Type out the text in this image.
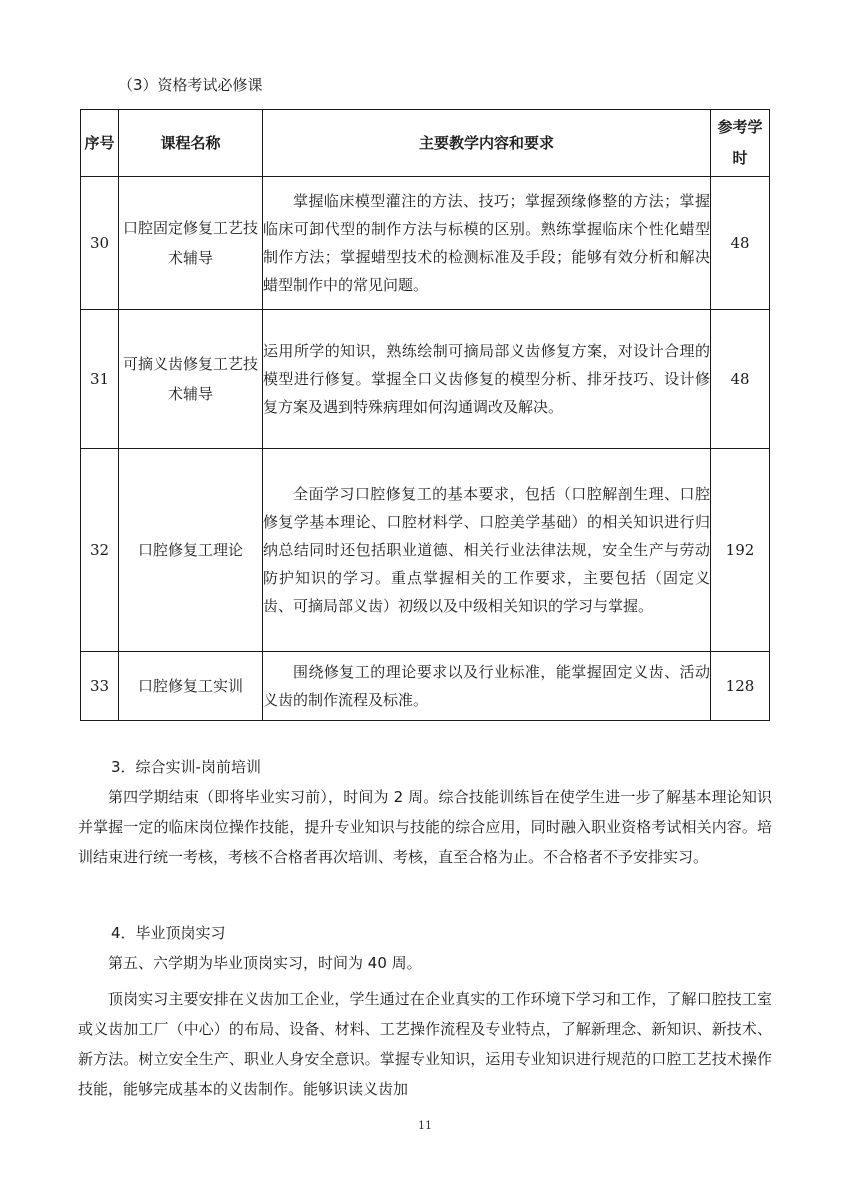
（3）资格考试必修课
序号	课程名称	主要教学内容和要求	参考学时
30	口腔固定修复工艺技术辅导	掌握临床模型灌注的方法、技巧；掌握颈缘修整的方法；掌握临床可卸代型的制作方法与标模的区别。熟练掌握临床个性化蜡型制作方法；掌握蜡型技术的检测标准及手段；能够有效分析和解决蜡型制作中的常见问题。	48
31	可摘义齿修复工艺技术辅导	运用所学的知识，熟练绘制可摘局部义齿修复方案，对设计合理的模型进行修复。掌握全口义齿修复的模型分析、排牙技巧、设计修复方案及遇到特殊病理如何沟通调改及解决。	48
32	口腔修复工理论	全面学习口腔修复工的基本要求，包括（口腔解剖生理、口腔修复学基本理论、口腔材料学、口腔美学基础）的相关知识进行归纳总结同时还包括职业道德、相关行业法律法规，安全生产与劳动防护知识的学习。重点掌握相关的工作要求，主要包括（固定义齿、可摘局部义齿）初级以及中级相关知识的学习与掌握。	192
33	口腔修复工实训	围绕修复工的理论要求以及行业标准，能掌握固定义齿、活动义齿的制作流程及标准。	128
3．综合实训-岗前培训
第四学期结束（即将毕业实习前），时间为 2 周。综合技能训练旨在使学生进一步了解基本理论知识并掌握一定的临床岗位操作技能，提升专业知识与技能的综合应用，同时融入职业资格考试相关内容。培训结束进行统一考核，考核不合格者再次培训、考核，直至合格为止。不合格者不予安排实习。
4．毕业顶岗实习
第五、六学期为毕业顶岗实习，时间为 40 周。
顶岗实习主要安排在义齿加工企业，学生通过在企业真实的工作环境下学习和工作，了解口腔技工室或义齿加工厂（中心）的布局、设备、材料、工艺操作流程及专业特点，了解新理念、新知识、新技术、新方法。树立安全生产、职业人身安全意识。掌握专业知识，运用专业知识进行规范的口腔工艺技术操作技能，能够完成基本的义齿制作。能够识读义齿加
11
